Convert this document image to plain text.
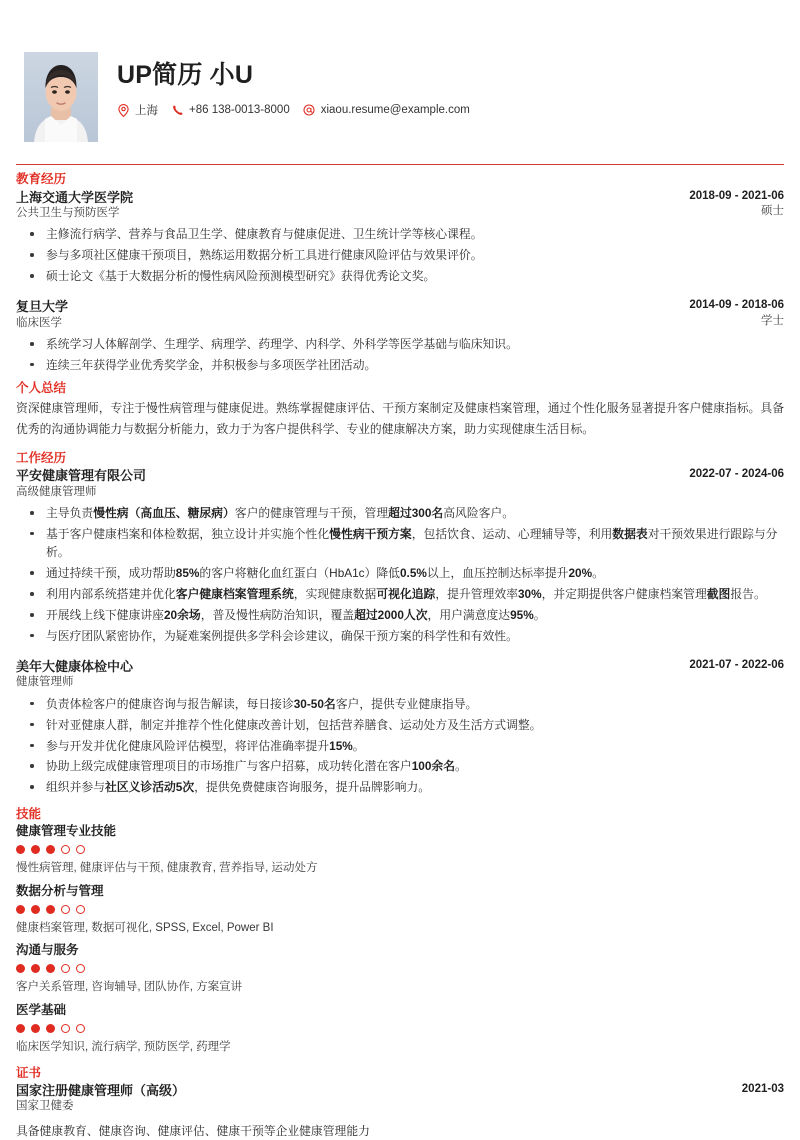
UP简历 小U
上海	+86 138-0013-8000	xiaou.resume@example.com
教育经历
上海交通大学医学院
公共卫生与预防医学
2018-09 - 2021-06
硕士
主修流行病学、营养与食品卫生学、健康教育与健康促进、卫生统计学等核心课程。
参与多项社区健康干预项目，熟练运用数据分析工具进行健康风险评估与效果评价。
硕士论文《基于大数据分析的慢性病风险预测模型研究》获得优秀论文奖。
复旦大学
临床医学
2014-09 - 2018-06
学士
系统学习人体解剖学、生理学、病理学、药理学、内科学、外科学等医学基础与临床知识。
连续三年获得学业优秀奖学金，并积极参与多项医学社团活动。
个人总结
资深健康管理师，专注于慢性病管理与健康促进。熟练掌握健康评估、干预方案制定及健康档案管理，通过个性化服务显著提升客户健康指标。具备优秀的沟通协调能力与数据分析能力，致力于为客户提供科学、专业的健康解决方案，助力实现健康生活目标。
工作经历
平安健康管理有限公司
高级健康管理师
2022-07 - 2024-06
主导负责慢性病（高血压、糖尿病）客户的健康管理与干预，管理超过300名高风险客户。
基于客户健康档案和体检数据，独立设计并实施个性化慢性病干预方案，包括饮食、运动、心理辅导等，利用数据表对干预效果进行跟踪与分析。
通过持续干预，成功帮助85%的客户将糖化血红蛋白（HbA1c）降低0.5%以上，血压控制达标率提升20%。
利用内部系统搭建并优化客户健康档案管理系统，实现健康数据可视化追踪，提升管理效率30%，并定期提供客户健康档案管理截图报告。
开展线上线下健康讲座20余场，普及慢性病防治知识，覆盖超过2000人次，用户满意度达95%。
与医疗团队紧密协作，为疑难案例提供多学科会诊建议，确保干预方案的科学性和有效性。
美年大健康体检中心
健康管理师
2021-07 - 2022-06
负责体检客户的健康咨询与报告解读，每日接诊30-50名客户，提供专业健康指导。
针对亚健康人群，制定并推荐个性化健康改善计划，包括营养膳食、运动处方及生活方式调整。
参与开发并优化健康风险评估模型，将评估准确率提升15%。
协助上级完成健康管理项目的市场推广与客户招募，成功转化潜在客户100余名。
组织并参与社区义诊活动5次，提供免费健康咨询服务，提升品牌影响力。
技能
健康管理专业技能
慢性病管理, 健康评估与干预, 健康教育, 营养指导, 运动处方
数据分析与管理
健康档案管理, 数据可视化, SPSS, Excel, Power BI
沟通与服务
客户关系管理, 咨询辅导, 团队协作, 方案宣讲
医学基础
临床医学知识, 流行病学, 预防医学, 药理学
证书
国家注册健康管理师（高级）
国家卫健委
2021-03
具备健康教育、健康咨询、健康评估、健康干预等企业健康管理能力
